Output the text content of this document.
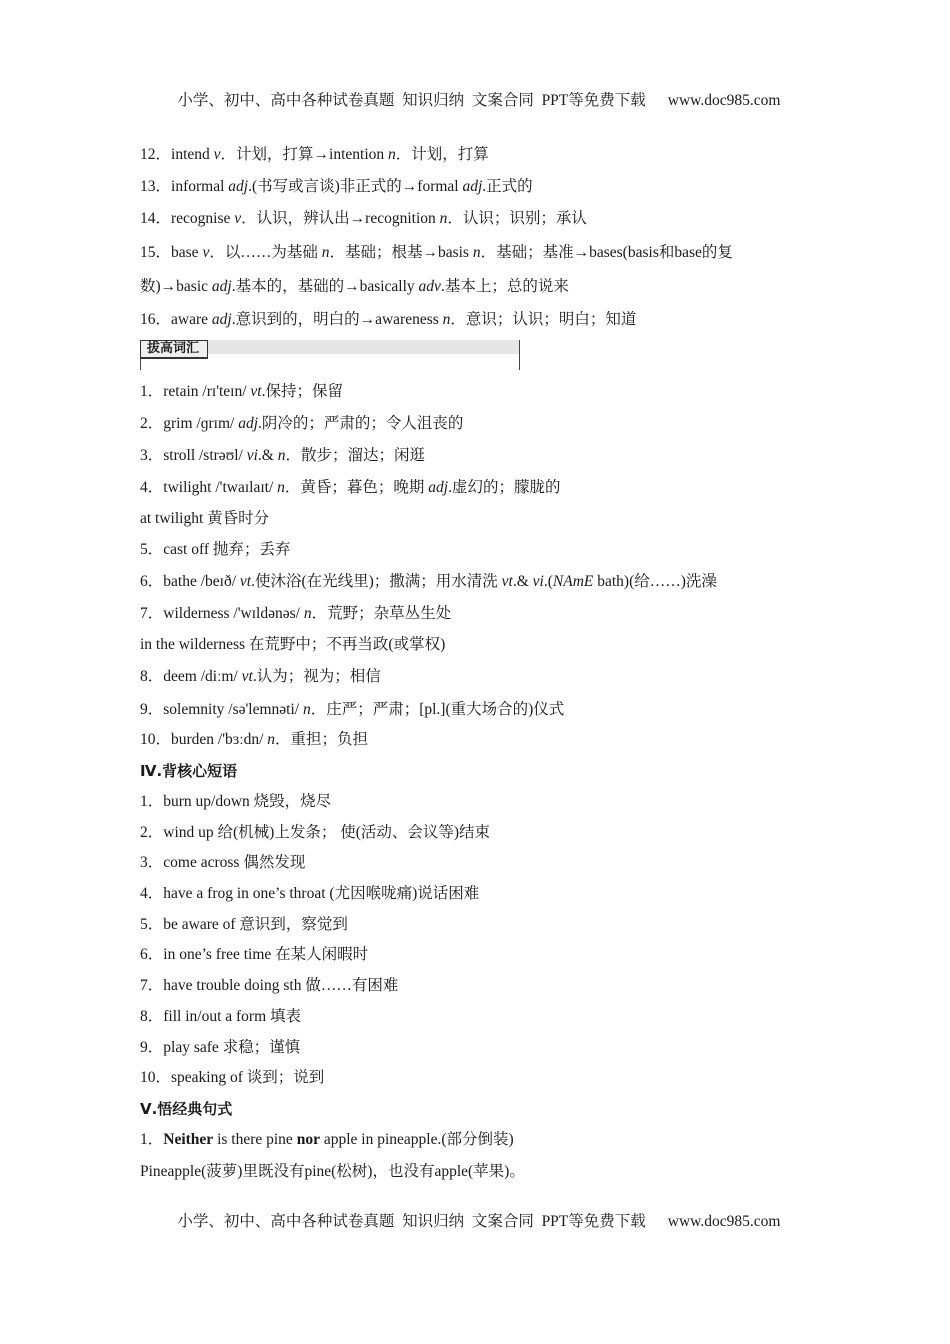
小学、初中、高中各种试卷真题  知识归纳  文案合同  PPT等免费下载 www.doc985.com

12．intend v．计划，打算→intention n．计划，打算
13．informal adj.(书写或言谈)非正式的→formal adj.正式的
14．recognise v．认识，辨认出→recognition n．认识；识别；承认
15．base v．以……为基础 n．基础；根基→basis n．基础；基准→bases(basis和base的复
数)→basic adj.基本的，基础的→basically adv.基本上；总的说来
16．aware adj.意识到的，明白的→awareness n．意识；认识；明白；知道
拔高词汇
1．retain /rɪ'teɪn/ vt.保持；保留
2．grim /ɡrɪm/ adj.阴冷的；严肃的；令人沮丧的
3．stroll /strəʊl/ vi.& n．散步；溜达；闲逛
4．twilight /'twaɪlaɪt/ n．黄昏；暮色；晚期 adj.虚幻的；朦胧的
at twilight 黄昏时分
5．cast off 抛弃；丢弃
6．bathe /beɪð/ vt.使沐浴(在光线里)；撒满；用水清洗 vt.& vi.(NAmE bath)(给……)洗澡
7．wilderness /'wɪldənəs/ n．荒野；杂草丛生处
in the wilderness 在荒野中；不再当政(或掌权)
8．deem /diːm/ vt.认为；视为；相信
9．solemnity /sə'lemnəti/ n．庄严；严肃；[pl.](重大场合的)仪式
10．burden /'bɜːdn/ n．重担；负担
Ⅳ.背核心短语
1．burn up/down 烧毁，烧尽
2．wind up 给(机械)上发条； 使(活动、会议等)结束
3．come across 偶然发现
4．have a frog in one’s throat (尤因喉咙痛)说话困难
5．be aware of 意识到，察觉到
6．in one’s free time 在某人闲暇时
7．have trouble doing sth 做……有困难
8．fill in/out a form 填表
9．play safe 求稳；谨慎
10．speaking of 谈到；说到
Ⅴ.悟经典句式
1．Neither is there pine nor apple in pineapple.(部分倒装)
Pineapple(菠萝)里既没有pine(松树)，也没有apple(苹果)。

小学、初中、高中各种试卷真题  知识归纳  文案合同  PPT等免费下载 www.doc985.com
